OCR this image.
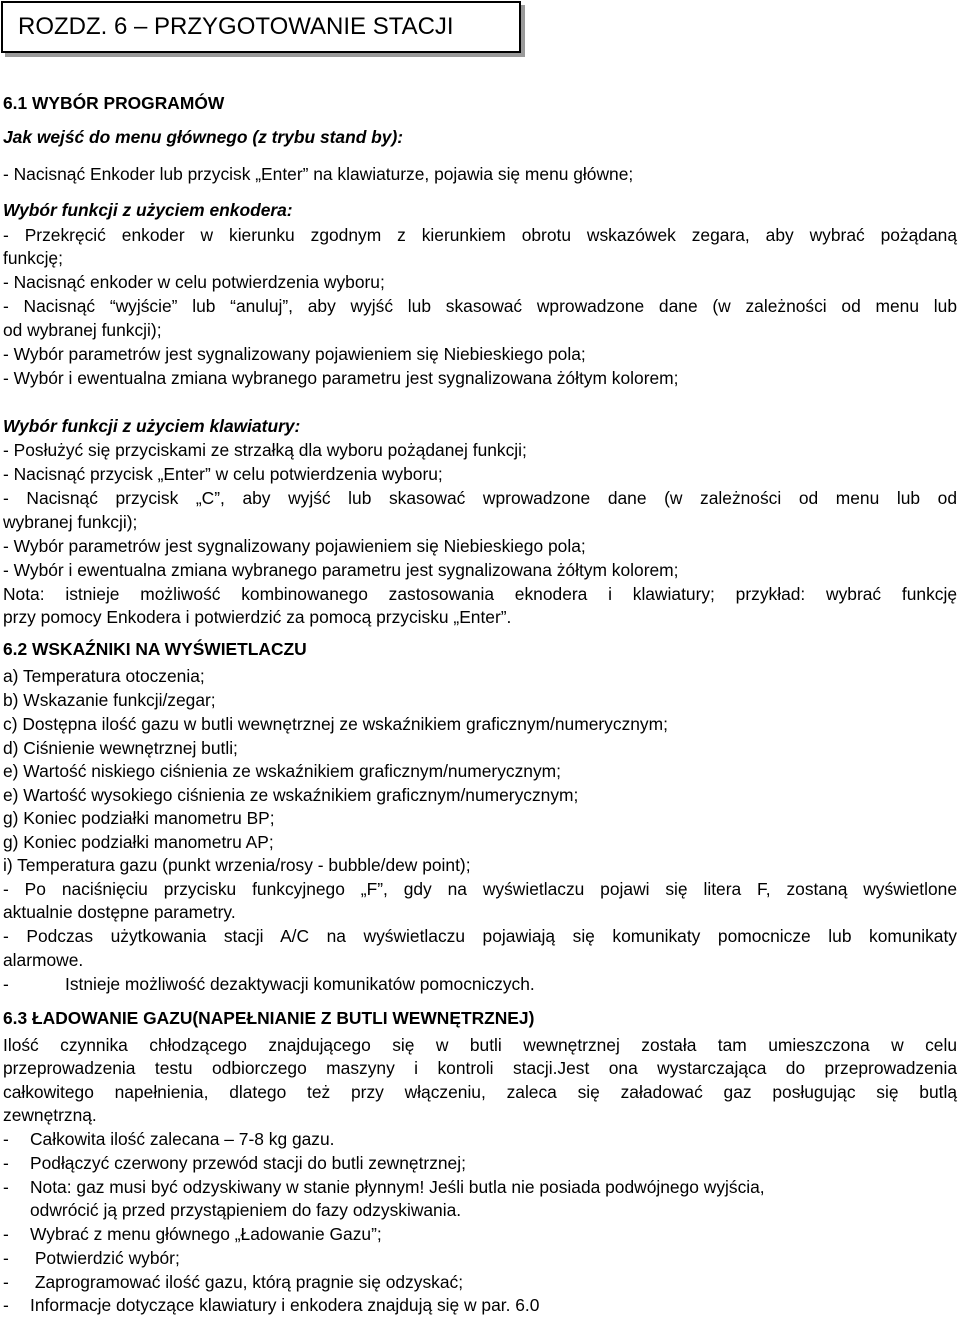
ROZDZ. 6 – PRZYGOTOWANIE STACJI
6.1 WYBÓR PROGRAMÓW
Jak wejść do menu głównego (z trybu stand by):
- Nacisnąć Enkoder lub przycisk „Enter” na klawiaturze, pojawia się menu główne;
Wybór funkcji z użyciem enkodera:
- Przekręcić enkoder w kierunku zgodnym z kierunkiem obrotu wskazówek zegara, aby wybrać pożądaną
funkcję;
- Nacisnąć enkoder w celu potwierdzenia wyboru;
- Nacisnąć “wyjście” lub “anuluj”, aby wyjść lub skasować wprowadzone dane (w zależności od menu lub
od wybranej funkcji);
- Wybór parametrów jest sygnalizowany pojawieniem się Niebieskiego pola;
- Wybór i ewentualna zmiana wybranego parametru jest sygnalizowana żółtym kolorem;
Wybór funkcji z użyciem klawiatury:
- Posłużyć się przyciskami ze strzałką dla wyboru pożądanej funkcji;
- Nacisnąć przycisk „Enter” w celu potwierdzenia wyboru;
- Nacisnąć przycisk „C”, aby wyjść lub skasować wprowadzone dane (w zależności od menu lub od
wybranej funkcji);
- Wybór parametrów jest sygnalizowany pojawieniem się Niebieskiego pola;
- Wybór i ewentualna zmiana wybranego parametru jest sygnalizowana żółtym kolorem;
Nota: istnieje możliwość kombinowanego zastosowania eknodera i klawiatury; przykład: wybrać funkcję
przy pomocy Enkodera i potwierdzić za pomocą przycisku „Enter”.
6.2 WSKAŹNIKI NA WYŚWIETLACZU
a) Temperatura otoczenia;
b) Wskazanie funkcji/zegar;
c) Dostępna ilość gazu w butli wewnętrznej ze wskaźnikiem graficznym/numerycznym;
d) Ciśnienie wewnętrznej butli;
e) Wartość niskiego ciśnienia ze wskaźnikiem graficznym/numerycznym;
e) Wartość wysokiego ciśnienia ze wskaźnikiem graficznym/numerycznym;
g) Koniec podziałki manometru BP;
g) Koniec podziałki manometru AP;
i) Temperatura gazu (punkt wrzenia/rosy - bubble/dew point);
- Po naciśnięciu przycisku funkcyjnego „F”, gdy na wyświetlaczu pojawi się litera F, zostaną wyświetlone
aktualnie dostępne parametry.
- Podczas użytkowania stacji A/C na wyświetlaczu pojawiają się komunikaty pomocnicze lub komunikaty
alarmowe.
-	Istnieje możliwość dezaktywacji komunikatów pomocniczych.
6.3 ŁADOWANIE GAZU(NAPEŁNIANIE Z BUTLI WEWNĘTRZNEJ)
Ilość czynnika chłodzącego znajdującego się w butli wewnętrznej została tam umieszczona w celu
przeprowadzenia testu odbiorczego maszyny i kontroli stacji.Jest ona wystarczająca do przeprowadzenia
całkowitego napełnienia, dlatego też przy włączeniu, zaleca się załadować gaz posługując się butlą
zewnętrzną.
- Całkowita ilość zalecana – 7-8 kg gazu.
- Podłączyć czerwony przewód stacji do butli zewnętrznej;
- Nota: gaz musi być odzyskiwany w stanie płynnym! Jeśli butla nie posiada podwójnego wyjścia,
odwrócić ją przed przystąpieniem do fazy odzyskiwania.
- Wybrać z menu głównego „Ładowanie Gazu”;
- Potwierdzić wybór;
- Zaprogramować ilość gazu, którą pragnie się odzyskać;
- Informacje dotyczące klawiatury i enkodera znajdują się w par. 6.0
